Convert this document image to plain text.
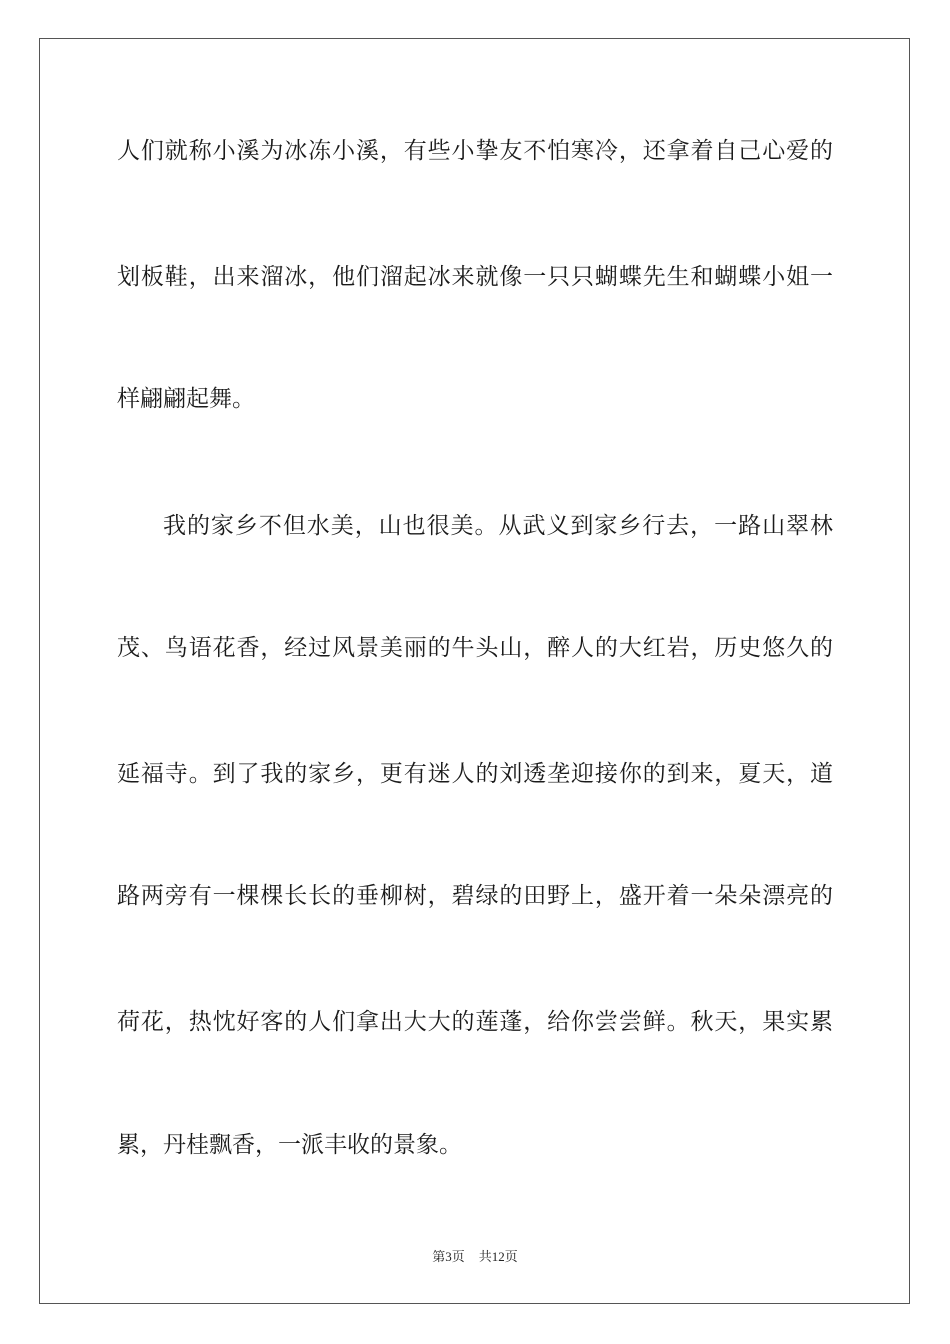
人们就称小溪为冰冻小溪，有些小挚友不怕寒冷，还拿着自己心爱的

划板鞋，出来溜冰，他们溜起冰来就像一只只蝴蝶先生和蝴蝶小姐一

样翩翩起舞。

我的家乡不但水美，山也很美。从武义到家乡行去，一路山翠林

茂、鸟语花香，经过风景美丽的牛头山，醉人的大红岩，历史悠久的

延福寺。到了我的家乡，更有迷人的刘透垄迎接你的到来，夏天，道

路两旁有一棵棵长长的垂柳树，碧绿的田野上，盛开着一朵朵漂亮的

荷花，热忱好客的人们拿出大大的莲蓬，给你尝尝鲜。秋天，果实累

累，丹桂飘香，一派丰收的景象。

第3页 共12页
